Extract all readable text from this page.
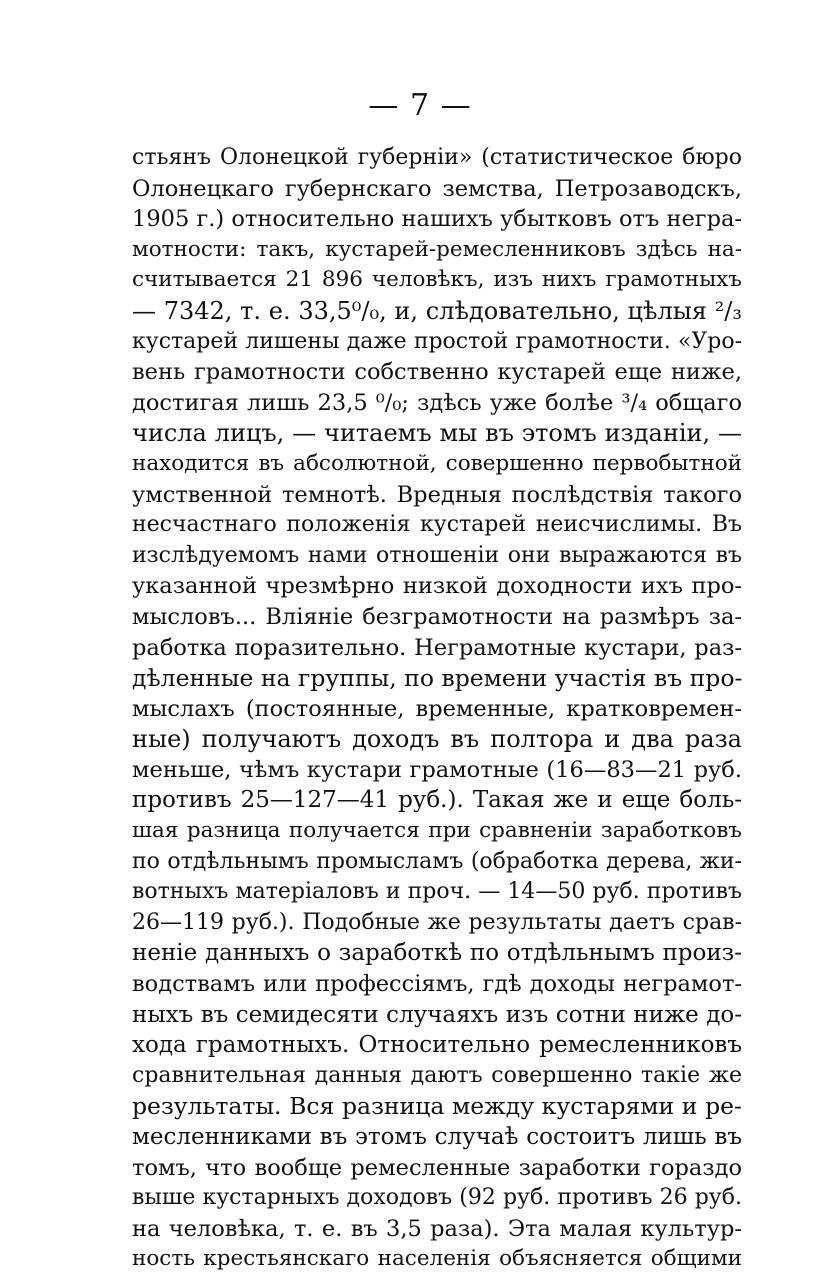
— 7 —
стьянъ Олонецкой губерніи» (статистическое бюро
Олонецкаго губернскаго земства, Петрозаводскъ,
1905 г.) относительно нашихъ убытковъ отъ негра-
мотности: такъ, кустарей-ремесленниковъ здѣсь на-
считывается 21 896 человѣкъ, изъ нихъ грамотныхъ
— 7342, т. е. 33,5⁰/₀, и, слѣдовательно, цѣлыя ²/₃
кустарей лишены даже простой грамотности. «Уро-
вень грамотности собственно кустарей еще ниже,
достигая лишь 23,5 ⁰/₀; здѣсь уже болѣе ³/₄ общаго
числа лицъ, — читаемъ мы въ этомъ изданіи, —
находится въ абсолютной, совершенно первобытной
умственной темнотѣ. Вредныя послѣдствія такого
несчастнаго положенія кустарей неисчислимы. Въ
изслѣдуемомъ нами отношеніи они выражаются въ
указанной чрезмѣрно низкой доходности ихъ про-
мысловъ... Вліяніе безграмотности на размѣръ за-
работка поразительно. Неграмотные кустари, раз-
дѣленные на группы, по времени участія въ про-
мыслахъ (постоянные, временные, кратковремен-
ные) получаютъ доходъ въ полтора и два раза
меньше, чѣмъ кустари грамотные (16—83—21 руб.
противъ 25—127—41 руб.). Такая же и еще боль-
шая разница получается при сравненіи заработковъ
по отдѣльнымъ промысламъ (обработка дерева, жи-
вотныхъ матеріаловъ и проч. — 14—50 руб. противъ
26—119 руб.). Подобные же результаты даетъ срав-
неніе данныхъ о заработкѣ по отдѣльнымъ произ-
водствамъ или профессіямъ, гдѣ доходы неграмот-
ныхъ въ семидесяти случаяхъ изъ сотни ниже до-
хода грамотныхъ. Относительно ремесленниковъ
сравнительная данныя даютъ совершенно такіе же
результаты. Вся разница между кустарями и ре-
месленниками въ этомъ случаѣ состоитъ лишь въ
томъ, что вообще ремесленные заработки гораздо
выше кустарныхъ доходовъ (92 руб. противъ 26 руб.
на человѣка, т. е. въ 3,5 раза). Эта малая культур-
ность крестьянскаго населенія объясняется общими
